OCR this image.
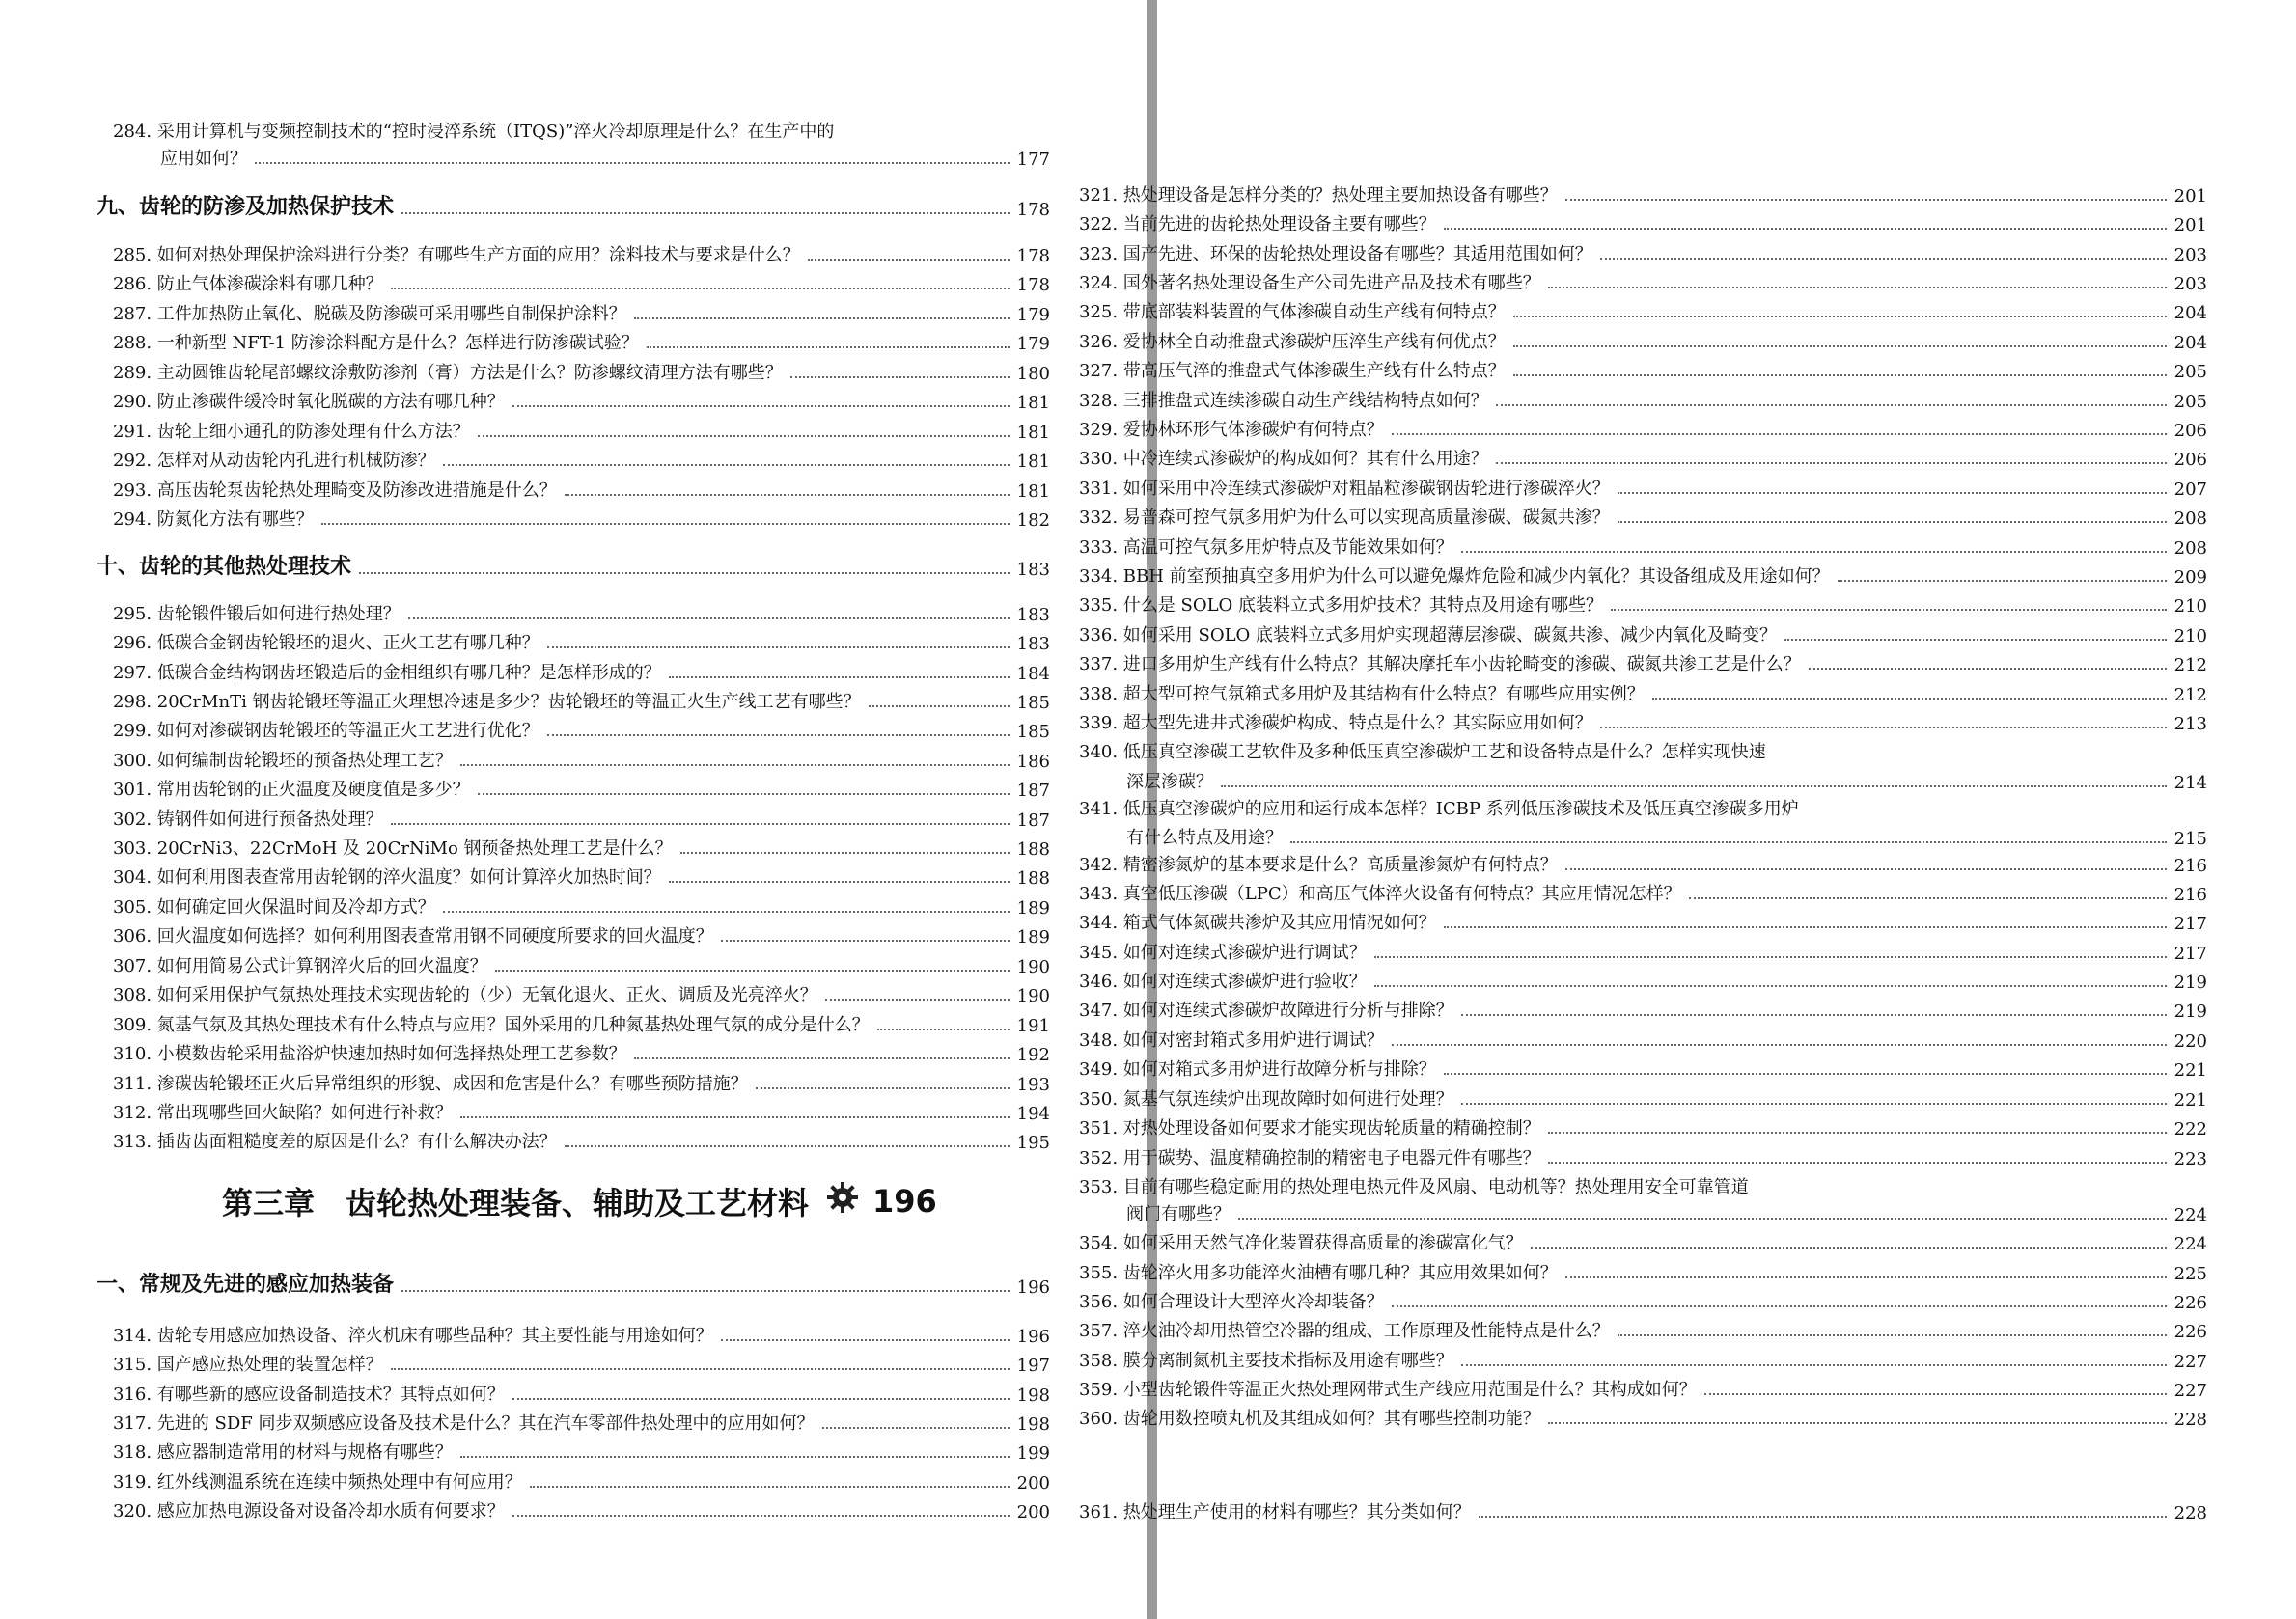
284. 采用计算机与变频控制技术的“控时浸淬系统（ITQS)”淬火冷却原理是什么？在生产中的
应用如何？	177
九、齿轮的防渗及加热保护技术	178
285. 如何对热处理保护涂料进行分类？有哪些生产方面的应用？涂料技术与要求是什么？	178
286. 防止气体渗碳涂料有哪几种？	178
287. 工件加热防止氧化、脱碳及防渗碳可采用哪些自制保护涂料？	179
288. 一种新型 NFT-1 防渗涂料配方是什么？怎样进行防渗碳试验？	179
289. 主动圆锥齿轮尾部螺纹涂敷防渗剂（膏）方法是什么？防渗螺纹清理方法有哪些？	180
290. 防止渗碳件缓冷时氧化脱碳的方法有哪几种？	181
291. 齿轮上细小通孔的防渗处理有什么方法？	181
292. 怎样对从动齿轮内孔进行机械防渗？	181
293. 高压齿轮泵齿轮热处理畸变及防渗改进措施是什么？	181
294. 防氮化方法有哪些？	182
十、齿轮的其他热处理技术	183
295. 齿轮锻件锻后如何进行热处理？	183
296. 低碳合金钢齿轮锻坯的退火、正火工艺有哪几种？	183
297. 低碳合金结构钢齿坯锻造后的金相组织有哪几种？是怎样形成的？	184
298. 20CrMnTi 钢齿轮锻坯等温正火理想冷速是多少？齿轮锻坯的等温正火生产线工艺有哪些？	185
299. 如何对渗碳钢齿轮锻坯的等温正火工艺进行优化？	185
300. 如何编制齿轮锻坯的预备热处理工艺？	186
301. 常用齿轮钢的正火温度及硬度值是多少？	187
302. 铸钢件如何进行预备热处理？	187
303. 20CrNi3、22CrMoH 及 20CrNiMo 钢预备热处理工艺是什么？	188
304. 如何利用图表查常用齿轮钢的淬火温度？如何计算淬火加热时间？	188
305. 如何确定回火保温时间及冷却方式？	189
306. 回火温度如何选择？如何利用图表查常用钢不同硬度所要求的回火温度？	189
307. 如何用简易公式计算钢淬火后的回火温度？	190
308. 如何采用保护气氛热处理技术实现齿轮的（少）无氧化退火、正火、调质及光亮淬火？	190
309. 氮基气氛及其热处理技术有什么特点与应用？国外采用的几种氮基热处理气氛的成分是什么？	191
310. 小模数齿轮采用盐浴炉快速加热时如何选择热处理工艺参数？	192
311. 渗碳齿轮锻坯正火后异常组织的形貌、成因和危害是什么？有哪些预防措施？	193
312. 常出现哪些回火缺陷？如何进行补救？	194
313. 插齿齿面粗糙度差的原因是什么？有什么解决办法？	195
一、常规及先进的感应加热装备	196
314. 齿轮专用感应加热设备、淬火机床有哪些品种？其主要性能与用途如何？	196
315. 国产感应热处理的装置怎样？	197
316. 有哪些新的感应设备制造技术？其特点如何？	198
317. 先进的 SDF 同步双频感应设备及技术是什么？其在汽车零部件热处理中的应用如何？	198
318. 感应器制造常用的材料与规格有哪些？	199
319. 红外线测温系统在连续中频热处理中有何应用？	200
320. 感应加热电源设备对设备冷却水质有何要求？	200
第三章　齿轮热处理装备、辅助及工艺材料 196
321. 热处理设备是怎样分类的？热处理主要加热设备有哪些？	201
322. 当前先进的齿轮热处理设备主要有哪些？	201
323. 国产先进、环保的齿轮热处理设备有哪些？其适用范围如何？	203
324. 国外著名热处理设备生产公司先进产品及技术有哪些？	203
325. 带底部装料装置的气体渗碳自动生产线有何特点？	204
326. 爱协林全自动推盘式渗碳炉压淬生产线有何优点？	204
327. 带高压气淬的推盘式气体渗碳生产线有什么特点？	205
328. 三排推盘式连续渗碳自动生产线结构特点如何？	205
329. 爱协林环形气体渗碳炉有何特点？	206
330. 中冷连续式渗碳炉的构成如何？其有什么用途？	206
331. 如何采用中冷连续式渗碳炉对粗晶粒渗碳钢齿轮进行渗碳淬火？	207
332. 易普森可控气氛多用炉为什么可以实现高质量渗碳、碳氮共渗？	208
333. 高温可控气氛多用炉特点及节能效果如何？	208
334. BBH 前室预抽真空多用炉为什么可以避免爆炸危险和减少内氧化？其设备组成及用途如何？	209
335. 什么是 SOLO 底装料立式多用炉技术？其特点及用途有哪些？	210
336. 如何采用 SOLO 底装料立式多用炉实现超薄层渗碳、碳氮共渗、减少内氧化及畸变？	210
337. 进口多用炉生产线有什么特点？其解决摩托车小齿轮畸变的渗碳、碳氮共渗工艺是什么？	212
338. 超大型可控气氛箱式多用炉及其结构有什么特点？有哪些应用实例？	212
339. 超大型先进井式渗碳炉构成、特点是什么？其实际应用如何？	213
340. 低压真空渗碳工艺软件及多种低压真空渗碳炉工艺和设备特点是什么？怎样实现快速
深层渗碳？	214
341. 低压真空渗碳炉的应用和运行成本怎样？ICBP 系列低压渗碳技术及低压真空渗碳多用炉
有什么特点及用途？	215
342. 精密渗氮炉的基本要求是什么？高质量渗氮炉有何特点？	216
343. 真空低压渗碳（LPC）和高压气体淬火设备有何特点？其应用情况怎样？	216
344. 箱式气体氮碳共渗炉及其应用情况如何？	217
345. 如何对连续式渗碳炉进行调试？	217
346. 如何对连续式渗碳炉进行验收？	219
347. 如何对连续式渗碳炉故障进行分析与排除？	219
348. 如何对密封箱式多用炉进行调试？	220
349. 如何对箱式多用炉进行故障分析与排除？	221
350. 氮基气氛连续炉出现故障时如何进行处理？	221
351. 对热处理设备如何要求才能实现齿轮质量的精确控制？	222
352. 用于碳势、温度精确控制的精密电子电器元件有哪些？	223
353. 目前有哪些稳定耐用的热处理电热元件及风扇、电动机等？热处理用安全可靠管道
阀门有哪些？	224
354. 如何采用天然气净化装置获得高质量的渗碳富化气？	224
355. 齿轮淬火用多功能淬火油槽有哪几种？其应用效果如何？	225
356. 如何合理设计大型淬火冷却装备？	226
357. 淬火油冷却用热管空冷器的组成、工作原理及性能特点是什么？	226
358. 膜分离制氮机主要技术指标及用途有哪些？	227
359. 小型齿轮锻件等温正火热处理网带式生产线应用范围是什么？其构成如何？	227
360. 齿轮用数控喷丸机及其组成如何？其有哪些控制功能？	228
361. 热处理生产使用的材料有哪些？其分类如何？	228
